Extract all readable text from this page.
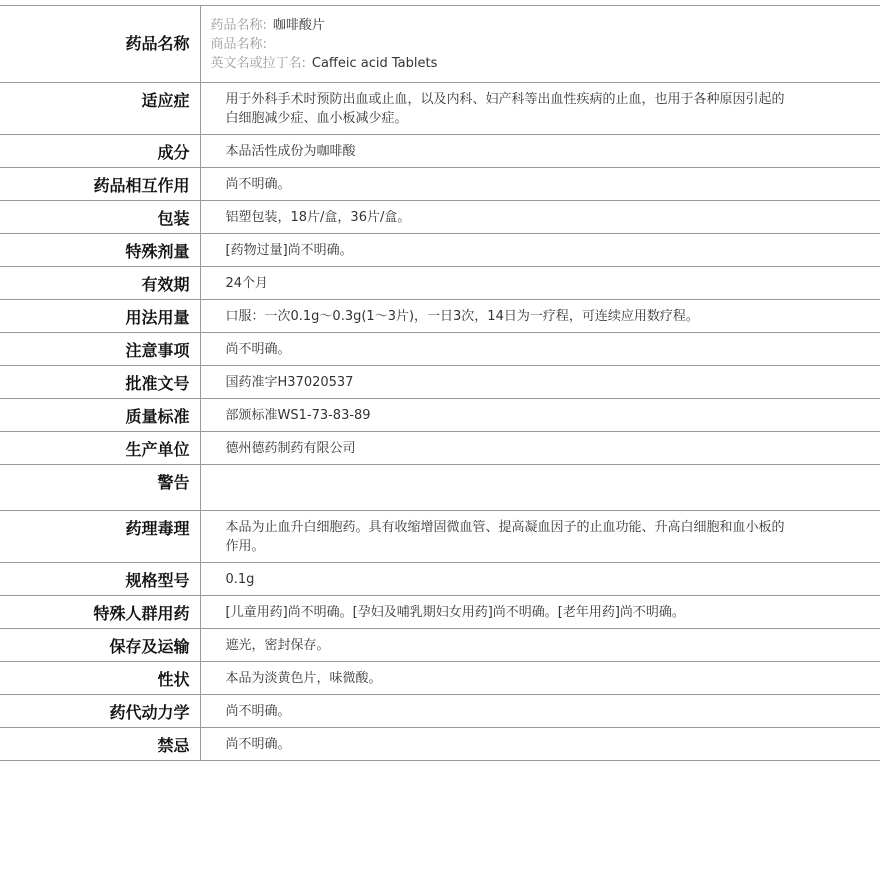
药品名称	药品名称: 咖啡酸片
商品名称:
英文名或拉丁名: Caffeic acid Tablets

适应症	用于外科手术时预防出血或止血，以及内科、妇产科等出血性疾病的止血，也用于各种原因引起的白细胞减少症、血小板减少症。
成分	本品活性成份为咖啡酸
药品相互作用	尚不明确。
包装	铝塑包装，18片/盒，36片/盒。
特殊剂量	[药物过量]尚不明确。
有效期	24个月
用法用量	口服：一次0.1g～0.3g(1～3片)，一日3次，14日为一疗程，可连续应用数疗程。
注意事项	尚不明确。
批准文号	国药准字H37020537
质量标准	部颁标准WS1-73-83-89
生产单位	德州德药制药有限公司
警告	
药理毒理	本品为止血升白细胞药。具有收缩增固微血管、提高凝血因子的止血功能、升高白细胞和血小板的作用。
规格型号	0.1g
特殊人群用药	[儿童用药]尚不明确。[孕妇及哺乳期妇女用药]尚不明确。[老年用药]尚不明确。
保存及运输	遮光，密封保存。
性状	本品为淡黄色片，味微酸。
药代动力学	尚不明确。
禁忌	尚不明确。
